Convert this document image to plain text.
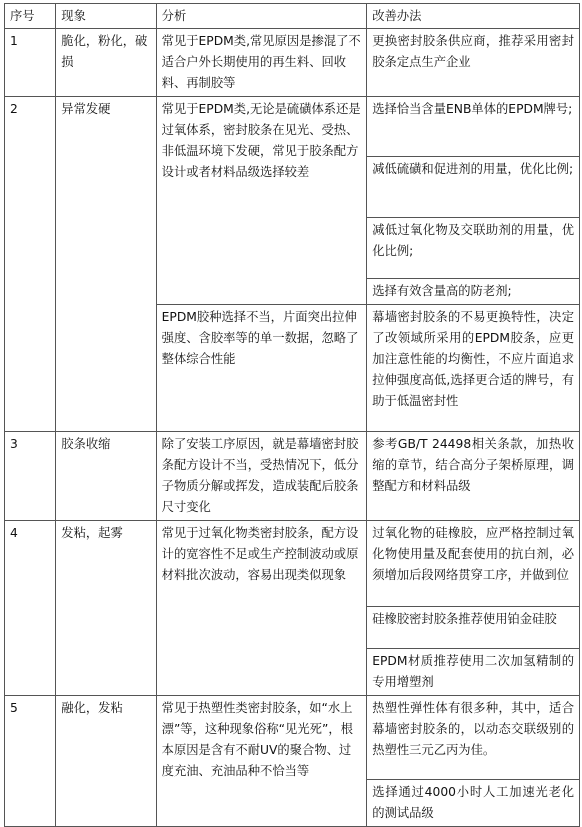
序号	现象	分析	改善办法
1	脆化，粉化，破损	常见于EPDM类,常见原因是掺混了不适合户外长期使用的再生料、回收料、再制胶等	更换密封胶条供应商，推荐采用密封胶条定点生产企业
2	异常发硬	常见于EPDM类,无论是硫磺体系还是过氧体系，密封胶条在见光、受热、非低温环境下发硬，常见于胶条配方设计或者材料品级选择较差	选择恰当含量ENB单体的EPDM牌号;
			减低硫磺和促进剂的用量，优化比例;
			减低过氧化物及交联助剂的用量，优化比例;
			选择有效含量高的防老剂;
		EPDM胶种选择不当，片面突出拉伸强度、含胶率等的单一数据，忽略了整体综合性能	幕墙密封胶条的不易更换特性，决定了改领域所采用的EPDM胶条，应更加注意性能的均衡性，不应片面追求拉伸强度高低,选择更合适的牌号，有助于低温密封性
3	胶条收缩	除了安装工序原因，就是幕墙密封胶条配方设计不当，受热情况下，低分子物质分解或挥发，造成装配后胶条尺寸变化	参考GB/T 24498相关条款，加热收缩的章节，结合高分子架桥原理，调整配方和材料品级
4	发粘，起雾	常见于过氧化物类密封胶条，配方设计的宽容性不足或生产控制波动或原材料批次波动，容易出现类似现象	过氧化物的硅橡胶，应严格控制过氧化物使用量及配套使用的抗白剂，必须增加后段网络贯穿工序，并做到位
			硅橡胶密封胶条推荐使用铂金硅胶
			EPDM材质推荐使用二次加氢精制的专用增塑剂
5	融化，发粘	常见于热塑性类密封胶条，如“水上漂”等，这种现象俗称“见光死”，根本原因是含有不耐UV的聚合物、过度充油、充油品种不恰当等	热塑性弹性体有很多种，其中，适合幕墙密封胶条的，以动态交联级别的热塑性三元乙丙为佳。
			选择通过4000小时人工加速光老化的测试品级
